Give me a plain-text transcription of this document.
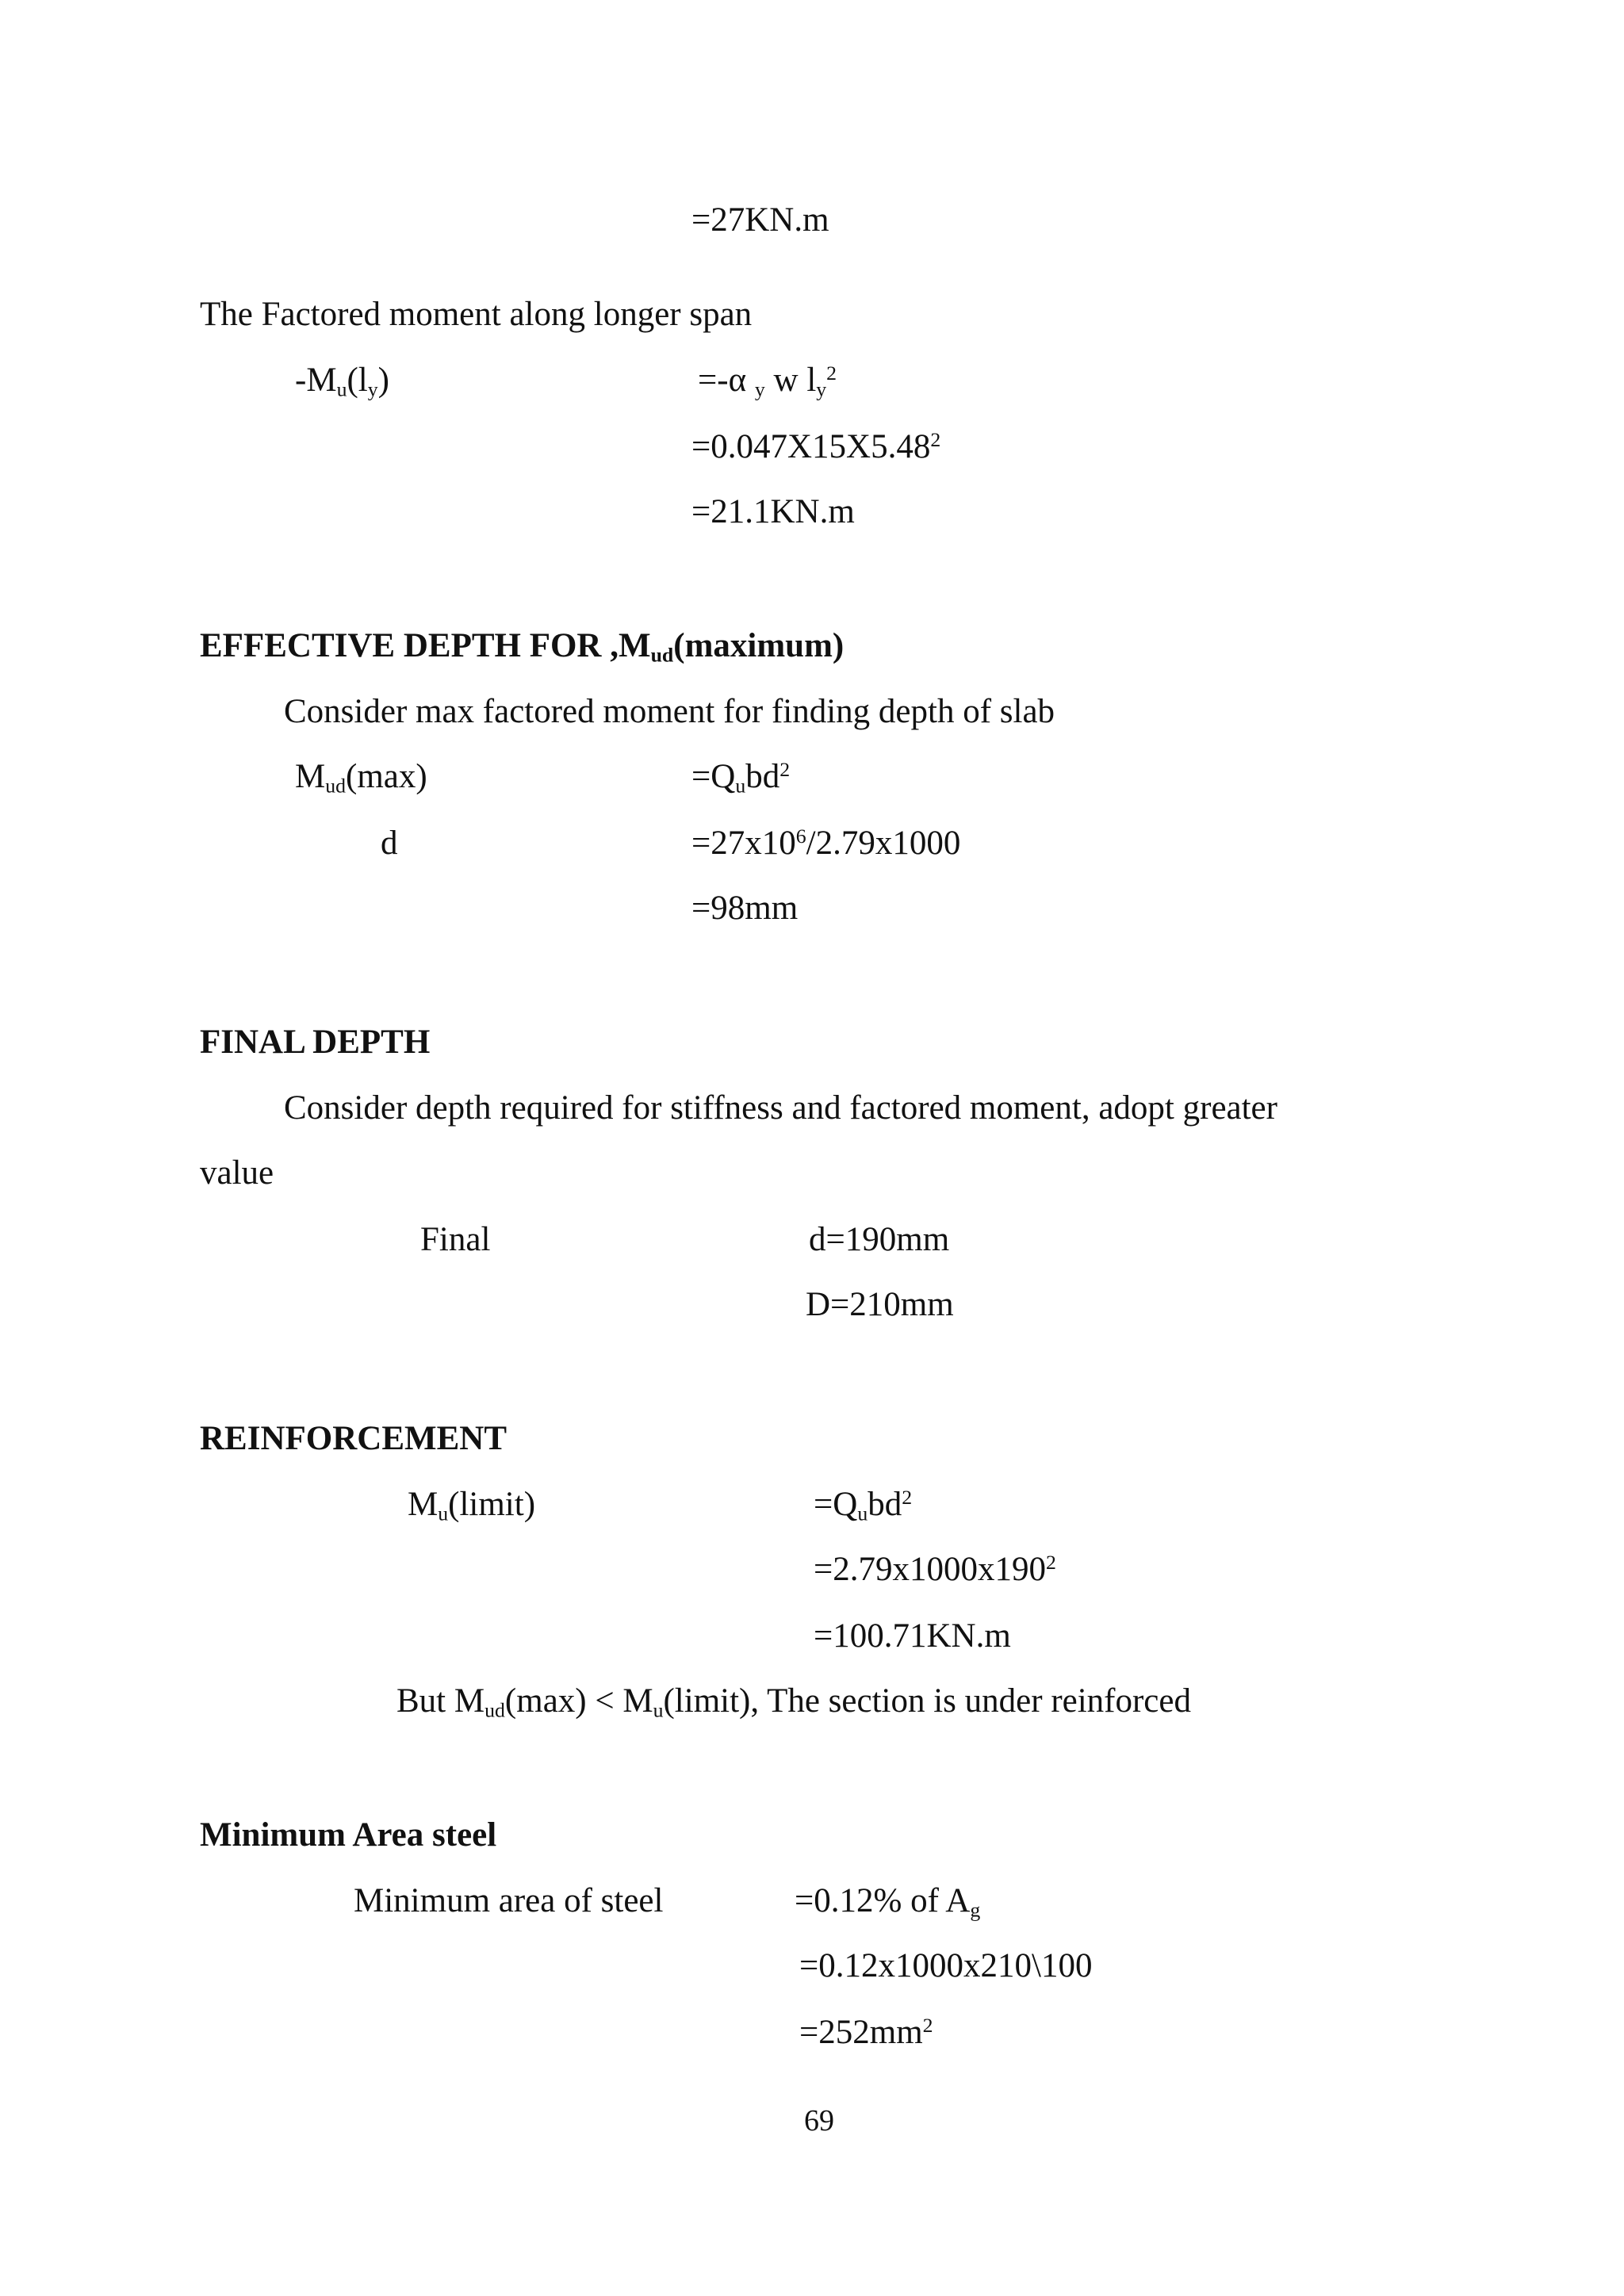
=27KN.m
The Factored moment along longer span
$-M_u(l_y)$	=-α $_y$ w $l_y^2$
$=0.047X15X5.48^2$
=21.1KN.m
EFFECTIVE DEPTH FOR $,M_{ud}(maximum)$
Consider max factored moment for finding depth of slab
$M_{ud}(\max)$	$=Q_ubd^2$
d	$=27x10^6/2.79x1000$
=98mm
FINAL DEPTH
Consider depth required for stiffness and factored moment, adopt greater
value
Final	d=190mm
D=210mm
REINFORCEMENT
$M_u(limit)$	$=Q_ubd^2$
$=2.79x1000x190^2$
=100.71KN.m
But $M_{ud}(\max)$ < $M_u(limit)$, The section is under reinforced
Minimum Area steel
Minimum area of steel	=0.12% of $A_g$
=0.12x1000x210\100
$=252mm^2$
69
